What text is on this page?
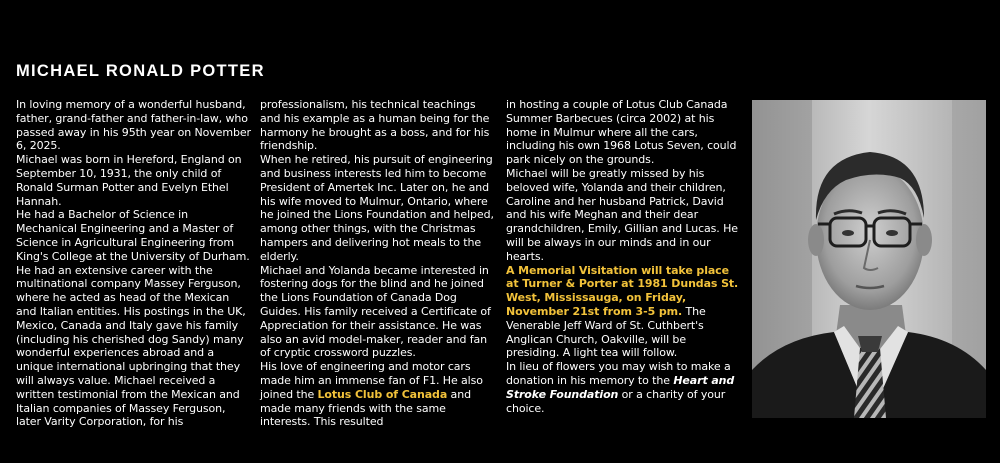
MICHAEL RONALD POTTER

In loving memory of a wonderful husband, father, grand-father and father-in-law, who passed away in his 95th year on November 6, 2025.

Michael was born in Hereford, England on September 10, 1931, the only child of Ronald Surman Potter and Evelyn Ethel Hannah.

He had a Bachelor of Science in Mechanical Engineering and a Master of Science in Agricultural Engineering from King's College at the University of Durham.

He had an extensive career with the multinational company Massey Ferguson, where he acted as head of the Mexican and Italian entities. His postings in the UK, Mexico, Canada and Italy gave his family (including his cherished dog Sandy) many wonderful experiences abroad and a unique international upbringing that they will always value. Michael received a written testimonial from the Mexican and Italian companies of Massey Ferguson, later Varity Corporation, for his

professionalism, his technical teachings and his example as a human being for the harmony he brought as a boss, and for his friendship.

When he retired, his pursuit of engineering and business interests led him to become President of Amertek Inc. Later on, he and his wife moved to Mulmur, Ontario, where he joined the Lions Foundation and helped, among other things, with the Christmas hampers and delivering hot meals to the elderly.

Michael and Yolanda became interested in fostering dogs for the blind and he joined the Lions Foundation of Canada Dog Guides. His family received a Certificate of Appreciation for their assistance. He was also an avid model-maker, reader and fan of cryptic crossword puzzles.

His love of engineering and motor cars made him an immense fan of F1. He also joined the Lotus Club of Canada and made many friends with the same interests. This resulted

in hosting a couple of Lotus Club Canada Summer Barbecues (circa 2002) at his home in Mulmur where all the cars, including his own 1968 Lotus Seven, could park nicely on the grounds.

Michael will be greatly missed by his beloved wife, Yolanda and their children, Caroline and her husband Patrick, David and his wife Meghan and their dear grandchildren, Emily, Gillian and Lucas. He will be always in our minds and in our hearts.

A Memorial Visitation will take place at Turner & Porter at 1981 Dundas St. West, Mississauga, on Friday, November 21st from 3-5 pm. The Venerable Jeff Ward of St. Cuthbert's Anglican Church, Oakville, will be presiding. A light tea will follow.

In lieu of flowers you may wish to make a donation in his memory to the Heart and Stroke Foundation or a charity of your choice.
